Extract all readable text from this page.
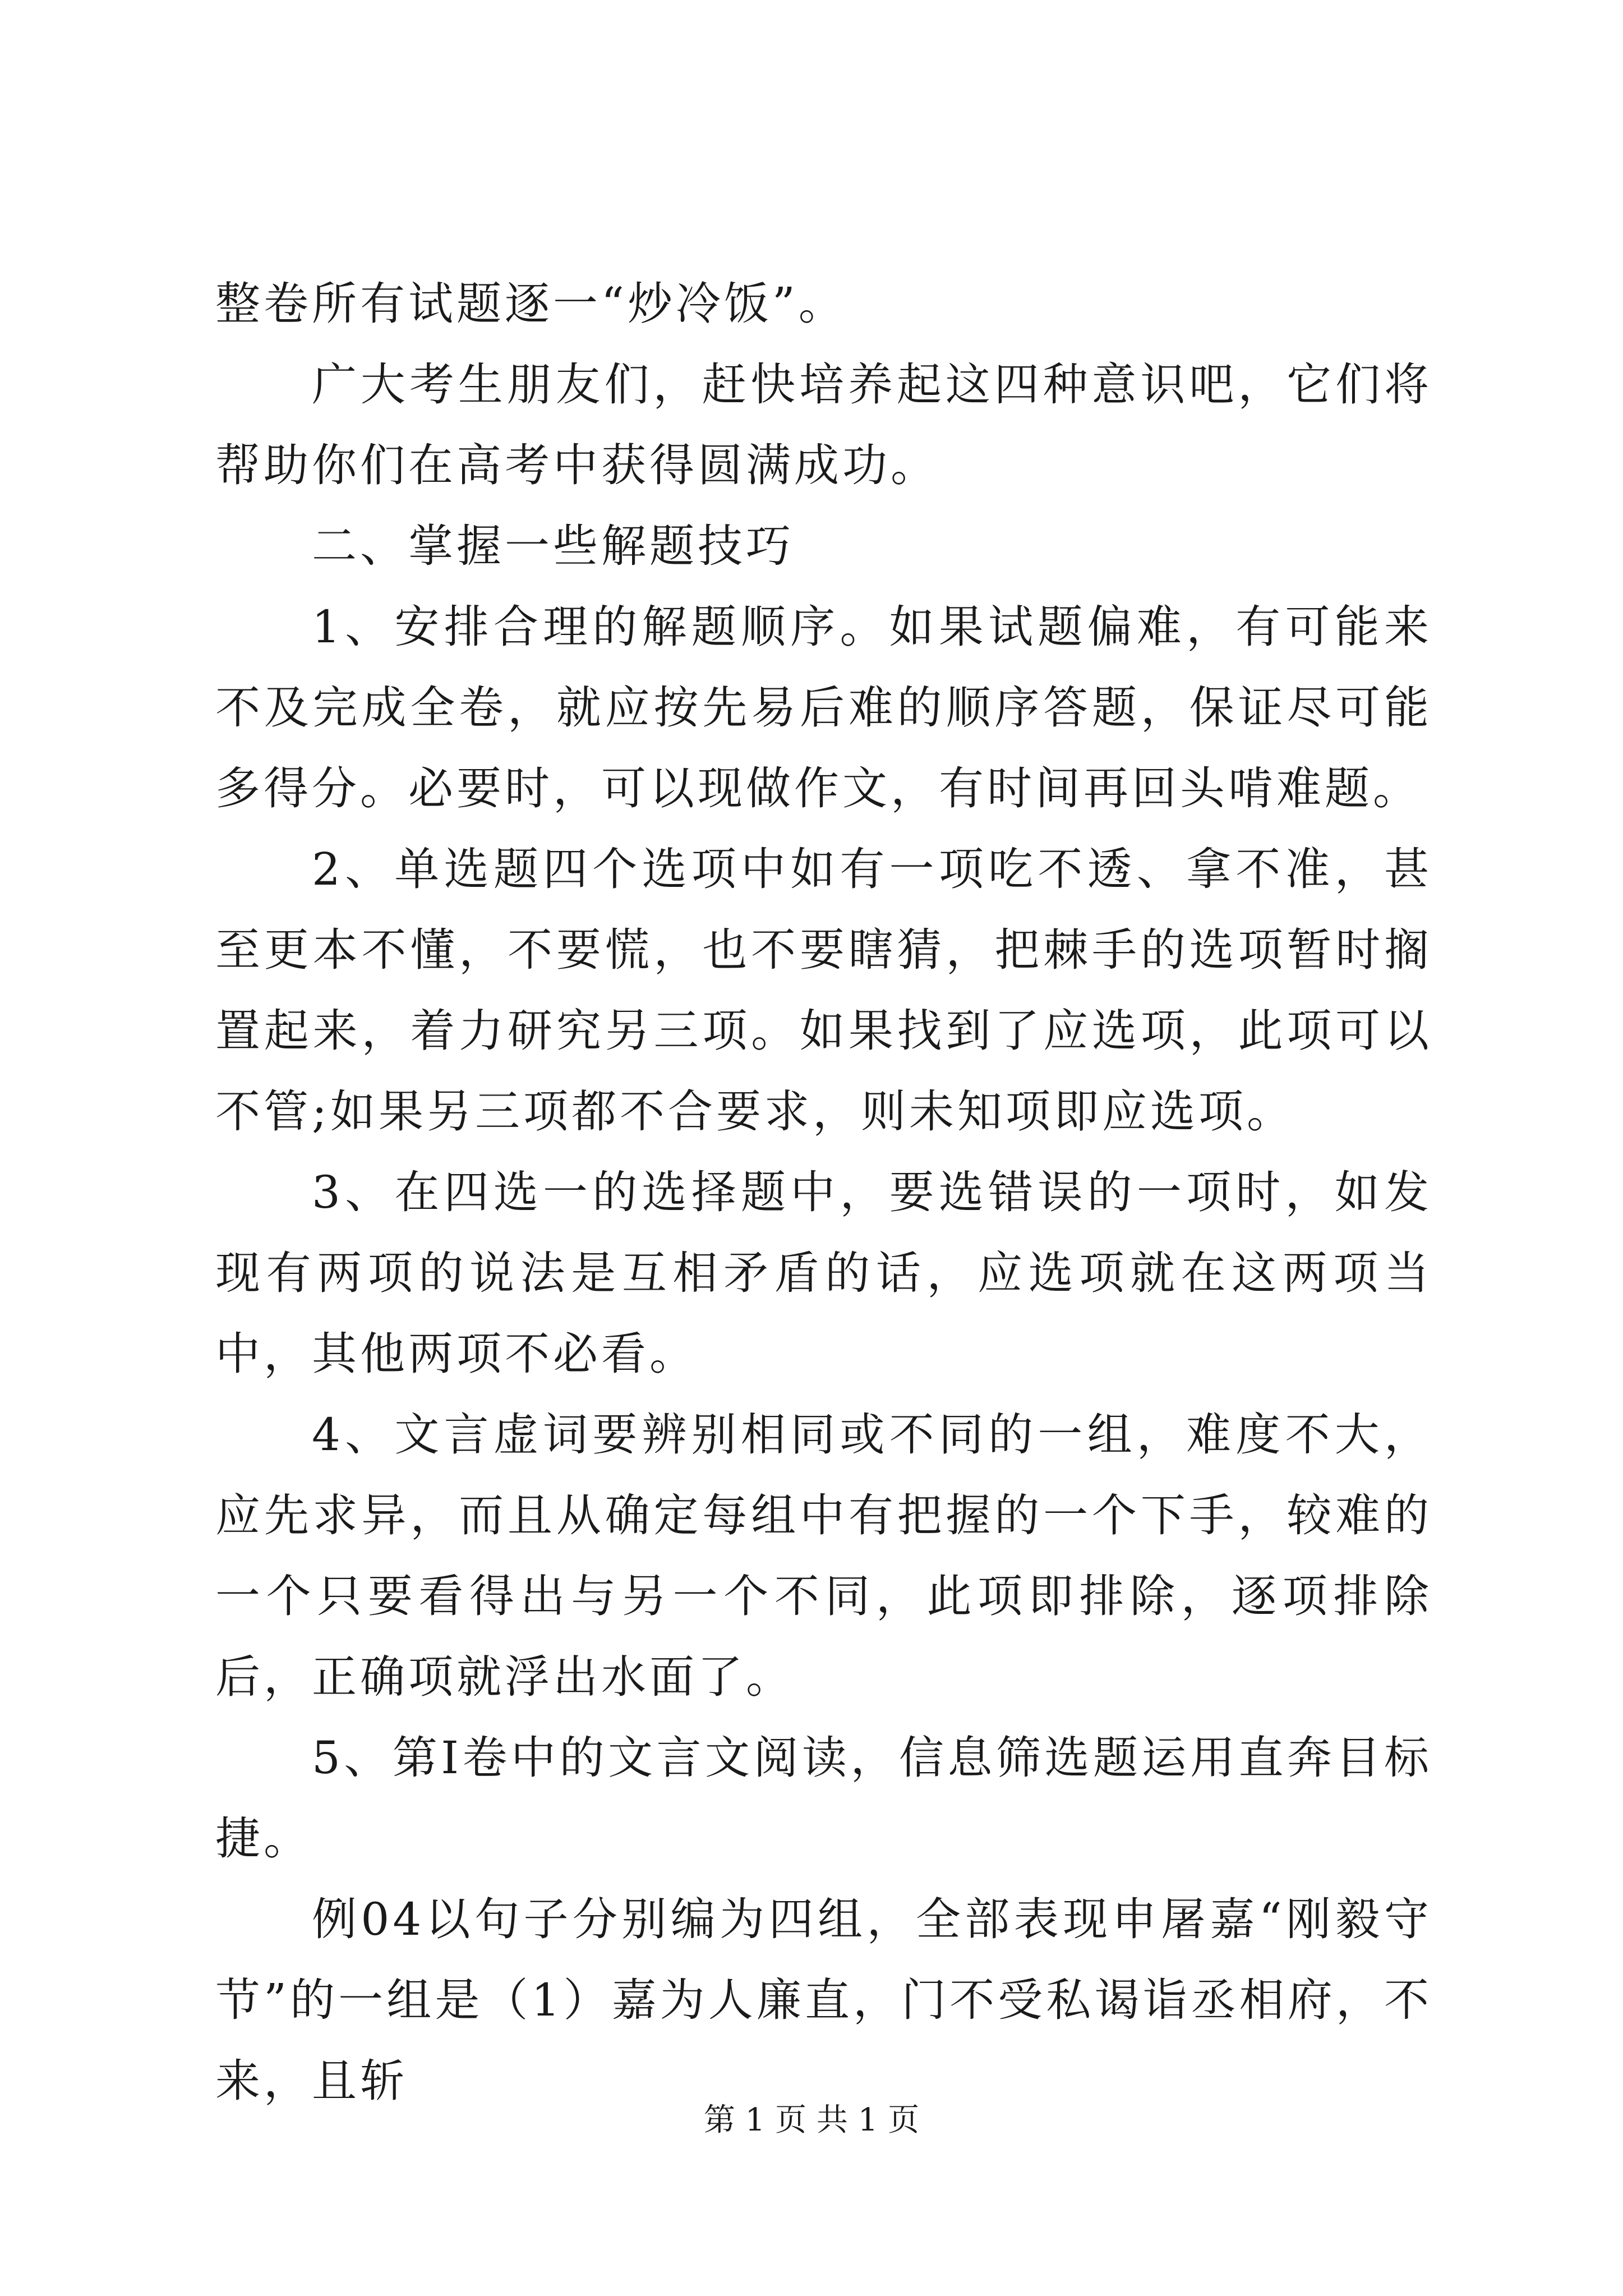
整卷所有试题逐一“炒冷饭”。

广大考生朋友们，赶快培养起这四种意识吧，它们将帮助你们在高考中获得圆满成功。

二、掌握一些解题技巧

1、安排合理的解题顺序。如果试题偏难，有可能来不及完成全卷，就应按先易后难的顺序答题，保证尽可能多得分。必要时，可以现做作文，有时间再回头啃难题。

2、单选题四个选项中如有一项吃不透、拿不准，甚至更本不懂，不要慌，也不要瞎猜，把棘手的选项暂时搁置起来，着力研究另三项。如果找到了应选项，此项可以不管;如果另三项都不合要求，则未知项即应选项。

3、在四选一的选择题中，要选错误的一项时，如发现有两项的说法是互相矛盾的话，应选项就在这两项当中，其他两项不必看。

4、文言虚词要辨别相同或不同的一组，难度不大，应先求异，而且从确定每组中有把握的一个下手，较难的一个只要看得出与另一个不同，此项即排除，逐项排除后，正确项就浮出水面了。

5、第Ⅰ卷中的文言文阅读，信息筛选题运用直奔目标捷。

例04以句子分别编为四组，全部表现申屠嘉“刚毅守节”的一组是（1）嘉为人廉直，门不受私谒诣丞相府，不来，且斩

第 1 页 共 1 页
